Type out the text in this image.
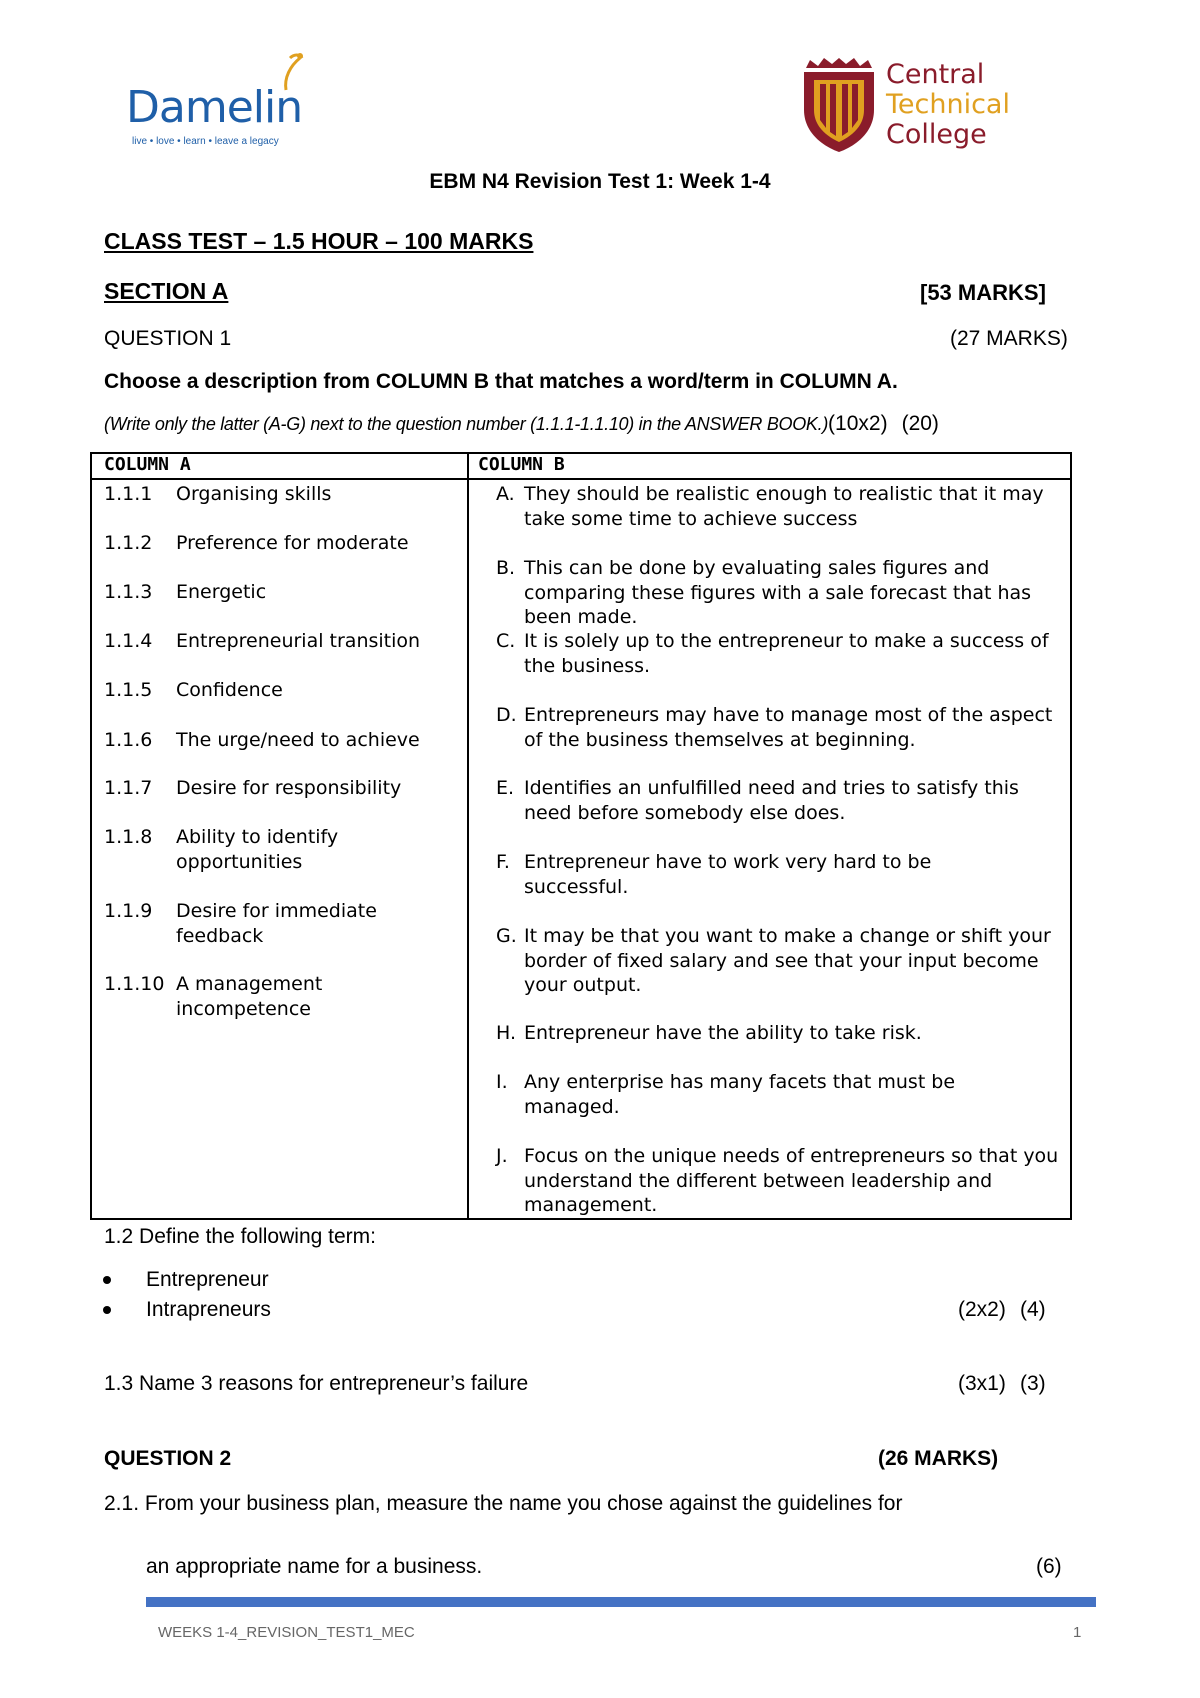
Damelin
live • love • learn • leave a legacy
Central
Technical
College
EBM N4 Revision Test 1: Week 1-4
CLASS TEST – 1.5 HOUR – 100 MARKS
SECTION A	[53 MARKS]
QUESTION 1	(27 MARKS)
Choose a description from COLUMN B that matches a word/term in COLUMN A.
(Write only the latter (A-G) next to the question number (1.1.1-1.1.10) in the ANSWER BOOK.)(10x2) (20)
COLUMN A	COLUMN B
1.1.1 Organising skills
1.1.2 Preference for moderate
1.1.3 Energetic
1.1.4 Entrepreneurial transition
1.1.5 Confidence
1.1.6 The urge/need to achieve
1.1.7 Desire for responsibility
1.1.8 Ability to identify opportunities
1.1.9 Desire for immediate feedback
1.1.10 A management incompetence
A. They should be realistic enough to realistic that it may take some time to achieve success
B. This can be done by evaluating sales figures and comparing these figures with a sale forecast that has been made.
C. It is solely up to the entrepreneur to make a success of the business.
D. Entrepreneurs may have to manage most of the aspect of the business themselves at beginning.
E. Identifies an unfulfilled need and tries to satisfy this need before somebody else does.
F. Entrepreneur have to work very hard to be successful.
G. It may be that you want to make a change or shift your border of fixed salary and see that your input become your output.
H. Entrepreneur have the ability to take risk.
I. Any enterprise has many facets that must be managed.
J. Focus on the unique needs of entrepreneurs so that you understand the different between leadership and management.
1.2 Define the following term:
Entrepreneur
Intrapreneurs	(2x2) (4)
1.3 Name 3 reasons for entrepreneur’s failure	(3x1) (3)
QUESTION 2	(26 MARKS)
2.1. From your business plan, measure the name you chose against the guidelines for
an appropriate name for a business.	(6)
WEEKS 1-4_REVISION_TEST1_MEC	1
